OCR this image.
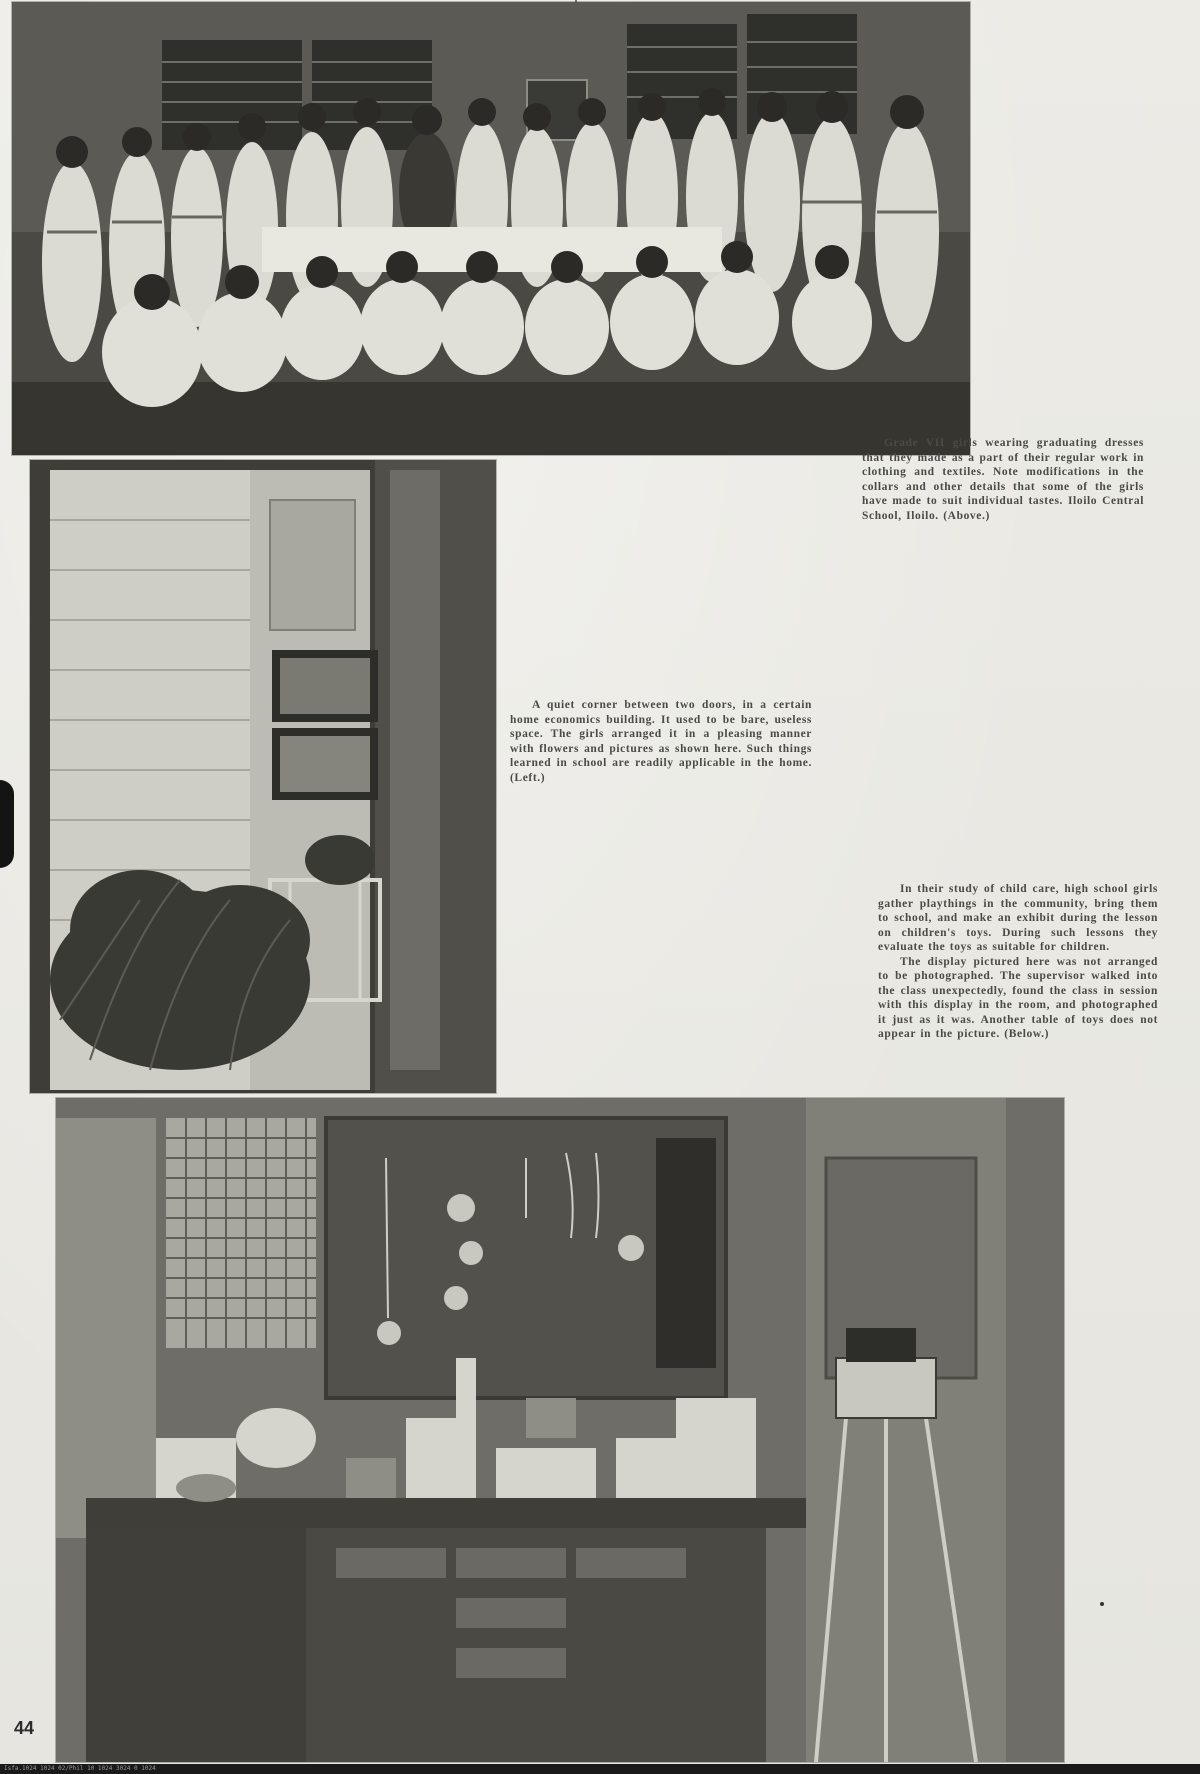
Grade VII girls wearing graduating dresses that they made as a part of their regular work in clothing and textiles. Note modifications in the collars and other details that some of the girls have made to suit individual tastes. Iloilo Central School, Iloilo. (Above.)

A quiet corner between two doors, in a certain home economics building. It used to be bare, useless space. The girls arranged it in a pleasing manner with flowers and pictures as shown here. Such things learned in school are readily applicable in the home. (Left.)

In their study of child care, high school girls gather playthings in the community, bring them to school, and make an exhibit during the lesson on children's toys. During such lessons they evaluate the toys as suitable for children.

The display pictured here was not arranged to be photographed. The supervisor walked into the class unexpectedly, found the class in session with this display in the room, and photographed it just as it was. Another table of toys does not appear in the picture. (Below.)

44
Isfa.1024 1024 02/Phil 10 1024 3024 0 1024
